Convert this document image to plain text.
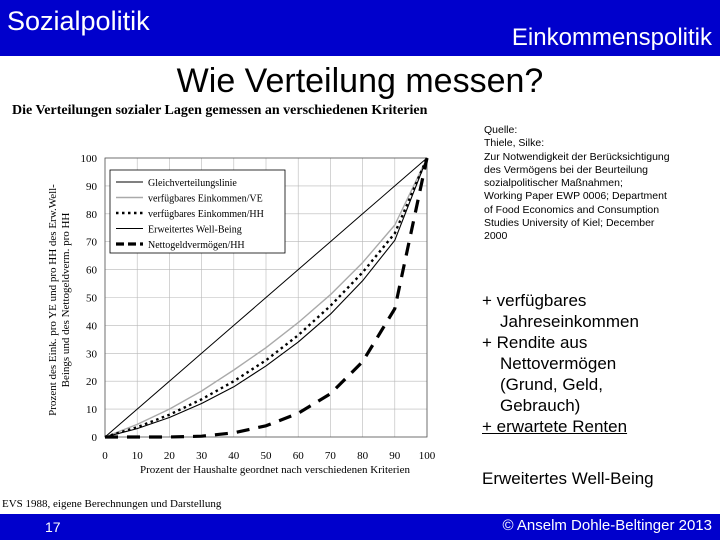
Sozialpolitik
Einkommenspolitik
0 10 20 30 40 50 60 70 80 90 100
0
10
20
30
40
50
60
70
80
90
100
Prozent der Haushalte geordnet nach verschiedenen Kriterien
Prozent des Eink. pro YE und pro HH des Erw.Well- Beings und des Nettogeldverm. pro HH
Gleichverteilungslinie
verfügbares Einkommen/VE
verfügbares Einkommen/HH
Erweitertes Well-Being
Nettogeldvermögen/HH
Die Verteilungen sozialer Lagen gemessen an verschiedenen Kriterien
Wie Verteilung messen?
Quelle:
Thiele, Silke:
Zur Notwendigkeit der Berücksichtigung
des Vermögens bei der Beurteilung
sozialpolitischer Maßnahmen;
Working Paper EWP 0006; Department
of Food Economics and Consumption
Studies University of Kiel; December
2000
+ verfügbares
Jahreseinkommen
+ Rendite aus
Nettovermögen
(Grund, Geld,
Gebrauch)
+ erwartete Renten
Erweitertes Well-Being
EVS 1988, eigene Berechnungen und Darstellung
17	© Anselm Dohle-Beltinger 2013
